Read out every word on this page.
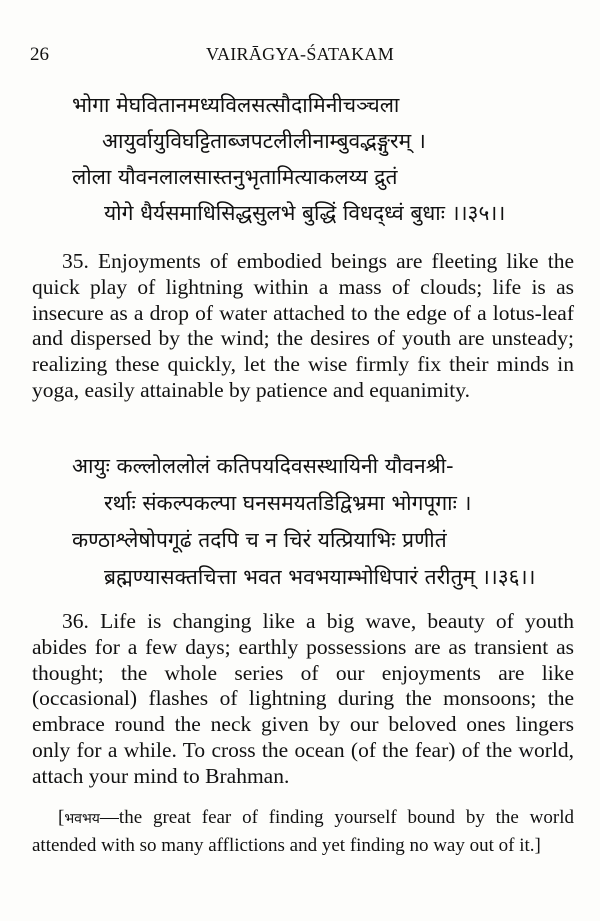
26	VAIRĀGYA-ŚATAKAM
भोगा मेघवितानमध्यविलसत्सौदामिनीचञ्चला
आयुर्वायुविघट्टिताब्जपटलीलीनाम्बुवद्भङ्गुरम् ।
लोला यौवनलालसास्तनुभृतामित्याकलय्य द्रुतं
योगे धैर्यसमाधिसिद्धसुलभे बुद्धिं विधद्ध्वं बुधाः ।।३५।।

35. Enjoyments of embodied beings are fleeting like the quick play of lightning within a mass of clouds; life is as insecure as a drop of water attached to the edge of a lotus-leaf and dispersed by the wind; the desires of youth are unsteady; realizing these quickly, let the wise firmly fix their minds in yoga, easily attainable by patience and equanimity.

आयुः कल्लोललोलं कतिपयदिवसस्थायिनी यौवनश्री-
रर्थाः संकल्पकल्पा घनसमयतडिद्विभ्रमा भोगपूगाः ।
कण्ठाश्लेषोपगूढं तदपि च न चिरं यत्प्रियाभिः प्रणीतं
ब्रह्मण्यासक्तचित्ता भवत भवभयाम्भोधिपारं तरीतुम् ।।३६।।

36. Life is changing like a big wave, beauty of youth abides for a few days; earthly possessions are as transient as thought; the whole series of our enjoyments are like (occasional) flashes of lightning during the monsoons; the embrace round the neck given by our beloved ones lingers only for a while. To cross the ocean (of the fear) of the world, attach your mind to Brahman.

[भवभय—the great fear of finding yourself bound by the world attended with so many afflictions and yet finding no way out of it.]
